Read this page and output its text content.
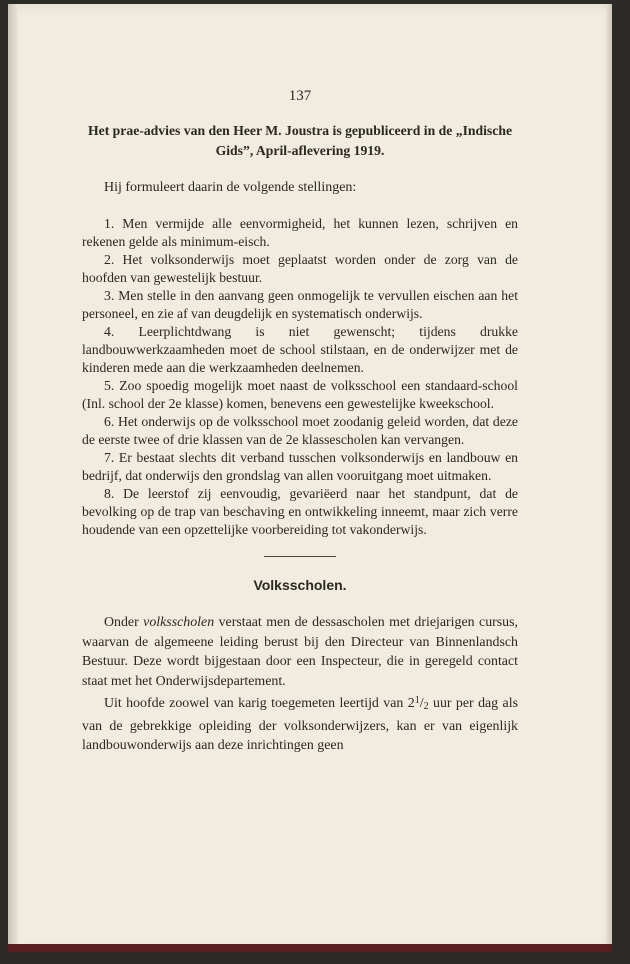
137
Het prae-advies van den Heer M. Joustra is gepubliceerd in de „Indische Gids”, April-aflevering 1919.
Hij formuleert daarin de volgende stellingen:
1. Men vermijde alle eenvormigheid, het kunnen lezen, schrijven en rekenen gelde als minimum-eisch.
2. Het volksonderwijs moet geplaatst worden onder de zorg van de hoofden van gewestelijk bestuur.
3. Men stelle in den aanvang geen onmogelijk te vervullen eischen aan het personeel, en zie af van deugdelijk en systematisch onderwijs.
4. Leerplichtdwang is niet gewenscht; tijdens drukke landbouwwerkzaamheden moet de school stilstaan, en de onderwijzer met de kinderen mede aan die werkzaamheden deelnemen.
5. Zoo spoedig mogelijk moet naast de volksschool een standaard-school (Inl. school der 2e klasse) komen, benevens een gewestelijke kweekschool.
6. Het onderwijs op de volksschool moet zoodanig geleid worden, dat deze de eerste twee of drie klassen van de 2e klassescholen kan vervangen.
7. Er bestaat slechts dit verband tusschen volksonderwijs en landbouw en bedrijf, dat onderwijs den grondslag van allen vooruitgang moet uitmaken.
8. De leerstof zij eenvoudig, gevariëerd naar het standpunt, dat de bevolking op de trap van beschaving en ontwikkeling inneemt, maar zich verre houdende van een opzettelijke voorbereiding tot vakonderwijs.
Volksscholen.

Onder volksscholen verstaat men de dessascholen met driejarigen cursus, waarvan de algemeene leiding berust bij den Directeur van Binnenlandsch Bestuur. Deze wordt bijgestaan door een Inspecteur, die in geregeld contact staat met het Onderwijsdepartement.

Uit hoofde zoowel van karig toegemeten leertijd van $2^1/2$ uur per dag als van de gebrekkige opleiding der volksonderwijzers, kan er van eigenlijk landbouwonderwijs aan deze inrichtingen geen
